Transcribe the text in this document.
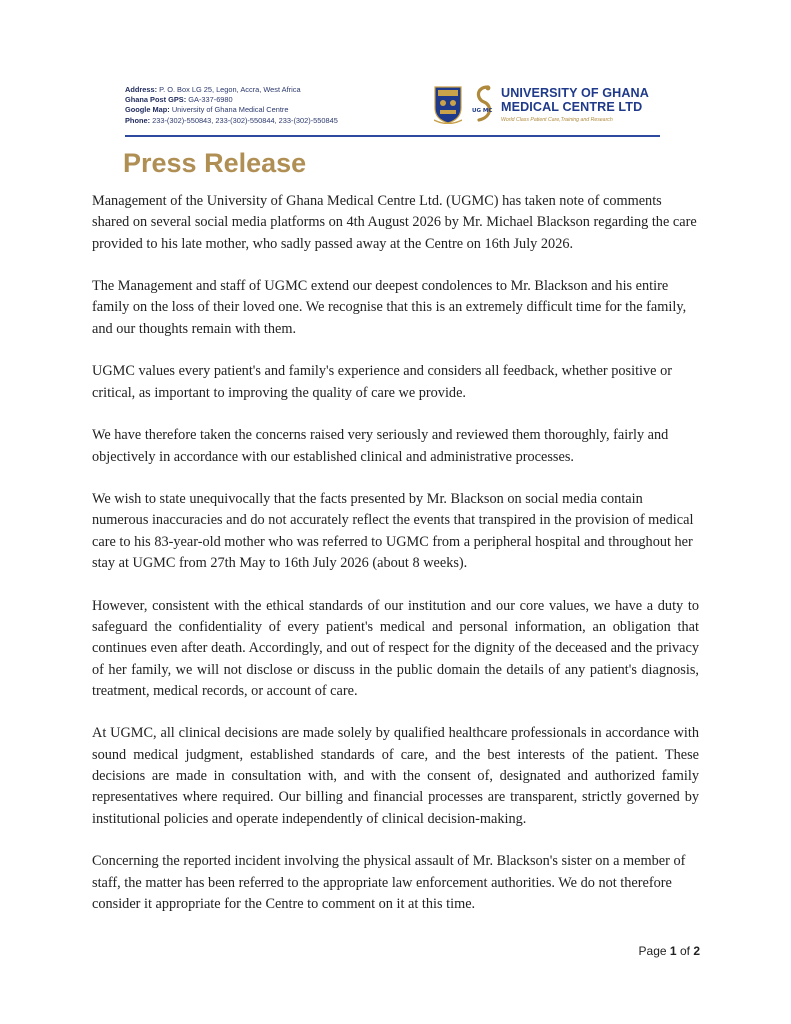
Address: P. O. Box LG 25, Legon, Accra, West Africa
Ghana Post GPS: GA-337-6980
Google Map: University of Ghana Medical Centre
Phone: 233-(302)-550843, 233-(302)-550844, 233-(302)-550845
UG MC
UNIVERSITY OF GHANA
MEDICAL CENTRE LTD
World Class Patient Care,Training and Research
Press Release

Management of the University of Ghana Medical Centre Ltd. (UGMC) has taken note of comments shared on several social media platforms on 4th August 2026 by Mr. Michael Blackson regarding the care provided to his late mother, who sadly passed away at the Centre on 16th July 2026.

The Management and staff of UGMC extend our deepest condolences to Mr. Blackson and his entire family on the loss of their loved one. We recognise that this is an extremely difficult time for the family, and our thoughts remain with them.

UGMC values every patient's and family's experience and considers all feedback, whether positive or critical, as important to improving the quality of care we provide.

We have therefore taken the concerns raised very seriously and reviewed them thoroughly, fairly and objectively in accordance with our established clinical and administrative processes.

We wish to state unequivocally that the facts presented by Mr. Blackson on social media contain numerous inaccuracies and do not accurately reflect the events that transpired in the provision of medical care to his 83-year-old mother who was referred to UGMC from a peripheral hospital and throughout her stay at UGMC from 27th May to 16th July 2026 (about 8 weeks).

However, consistent with the ethical standards of our institution and our core values, we have a duty to safeguard the confidentiality of every patient's medical and personal information, an obligation that continues even after death. Accordingly, and out of respect for the dignity of the deceased and the privacy of her family, we will not disclose or discuss in the public domain the details of any patient's diagnosis, treatment, medical records, or account of care.

At UGMC, all clinical decisions are made solely by qualified healthcare professionals in accordance with sound medical judgment, established standards of care, and the best interests of the patient. These decisions are made in consultation with, and with the consent of, designated and authorized family representatives where required. Our billing and financial processes are transparent, strictly governed by institutional policies and operate independently of clinical decision-making.

Concerning the reported incident involving the physical assault of Mr. Blackson's sister on a member of staff, the matter has been referred to the appropriate law enforcement authorities. We do not therefore consider it appropriate for the Centre to comment on it at this time.

Page 1 of 2
